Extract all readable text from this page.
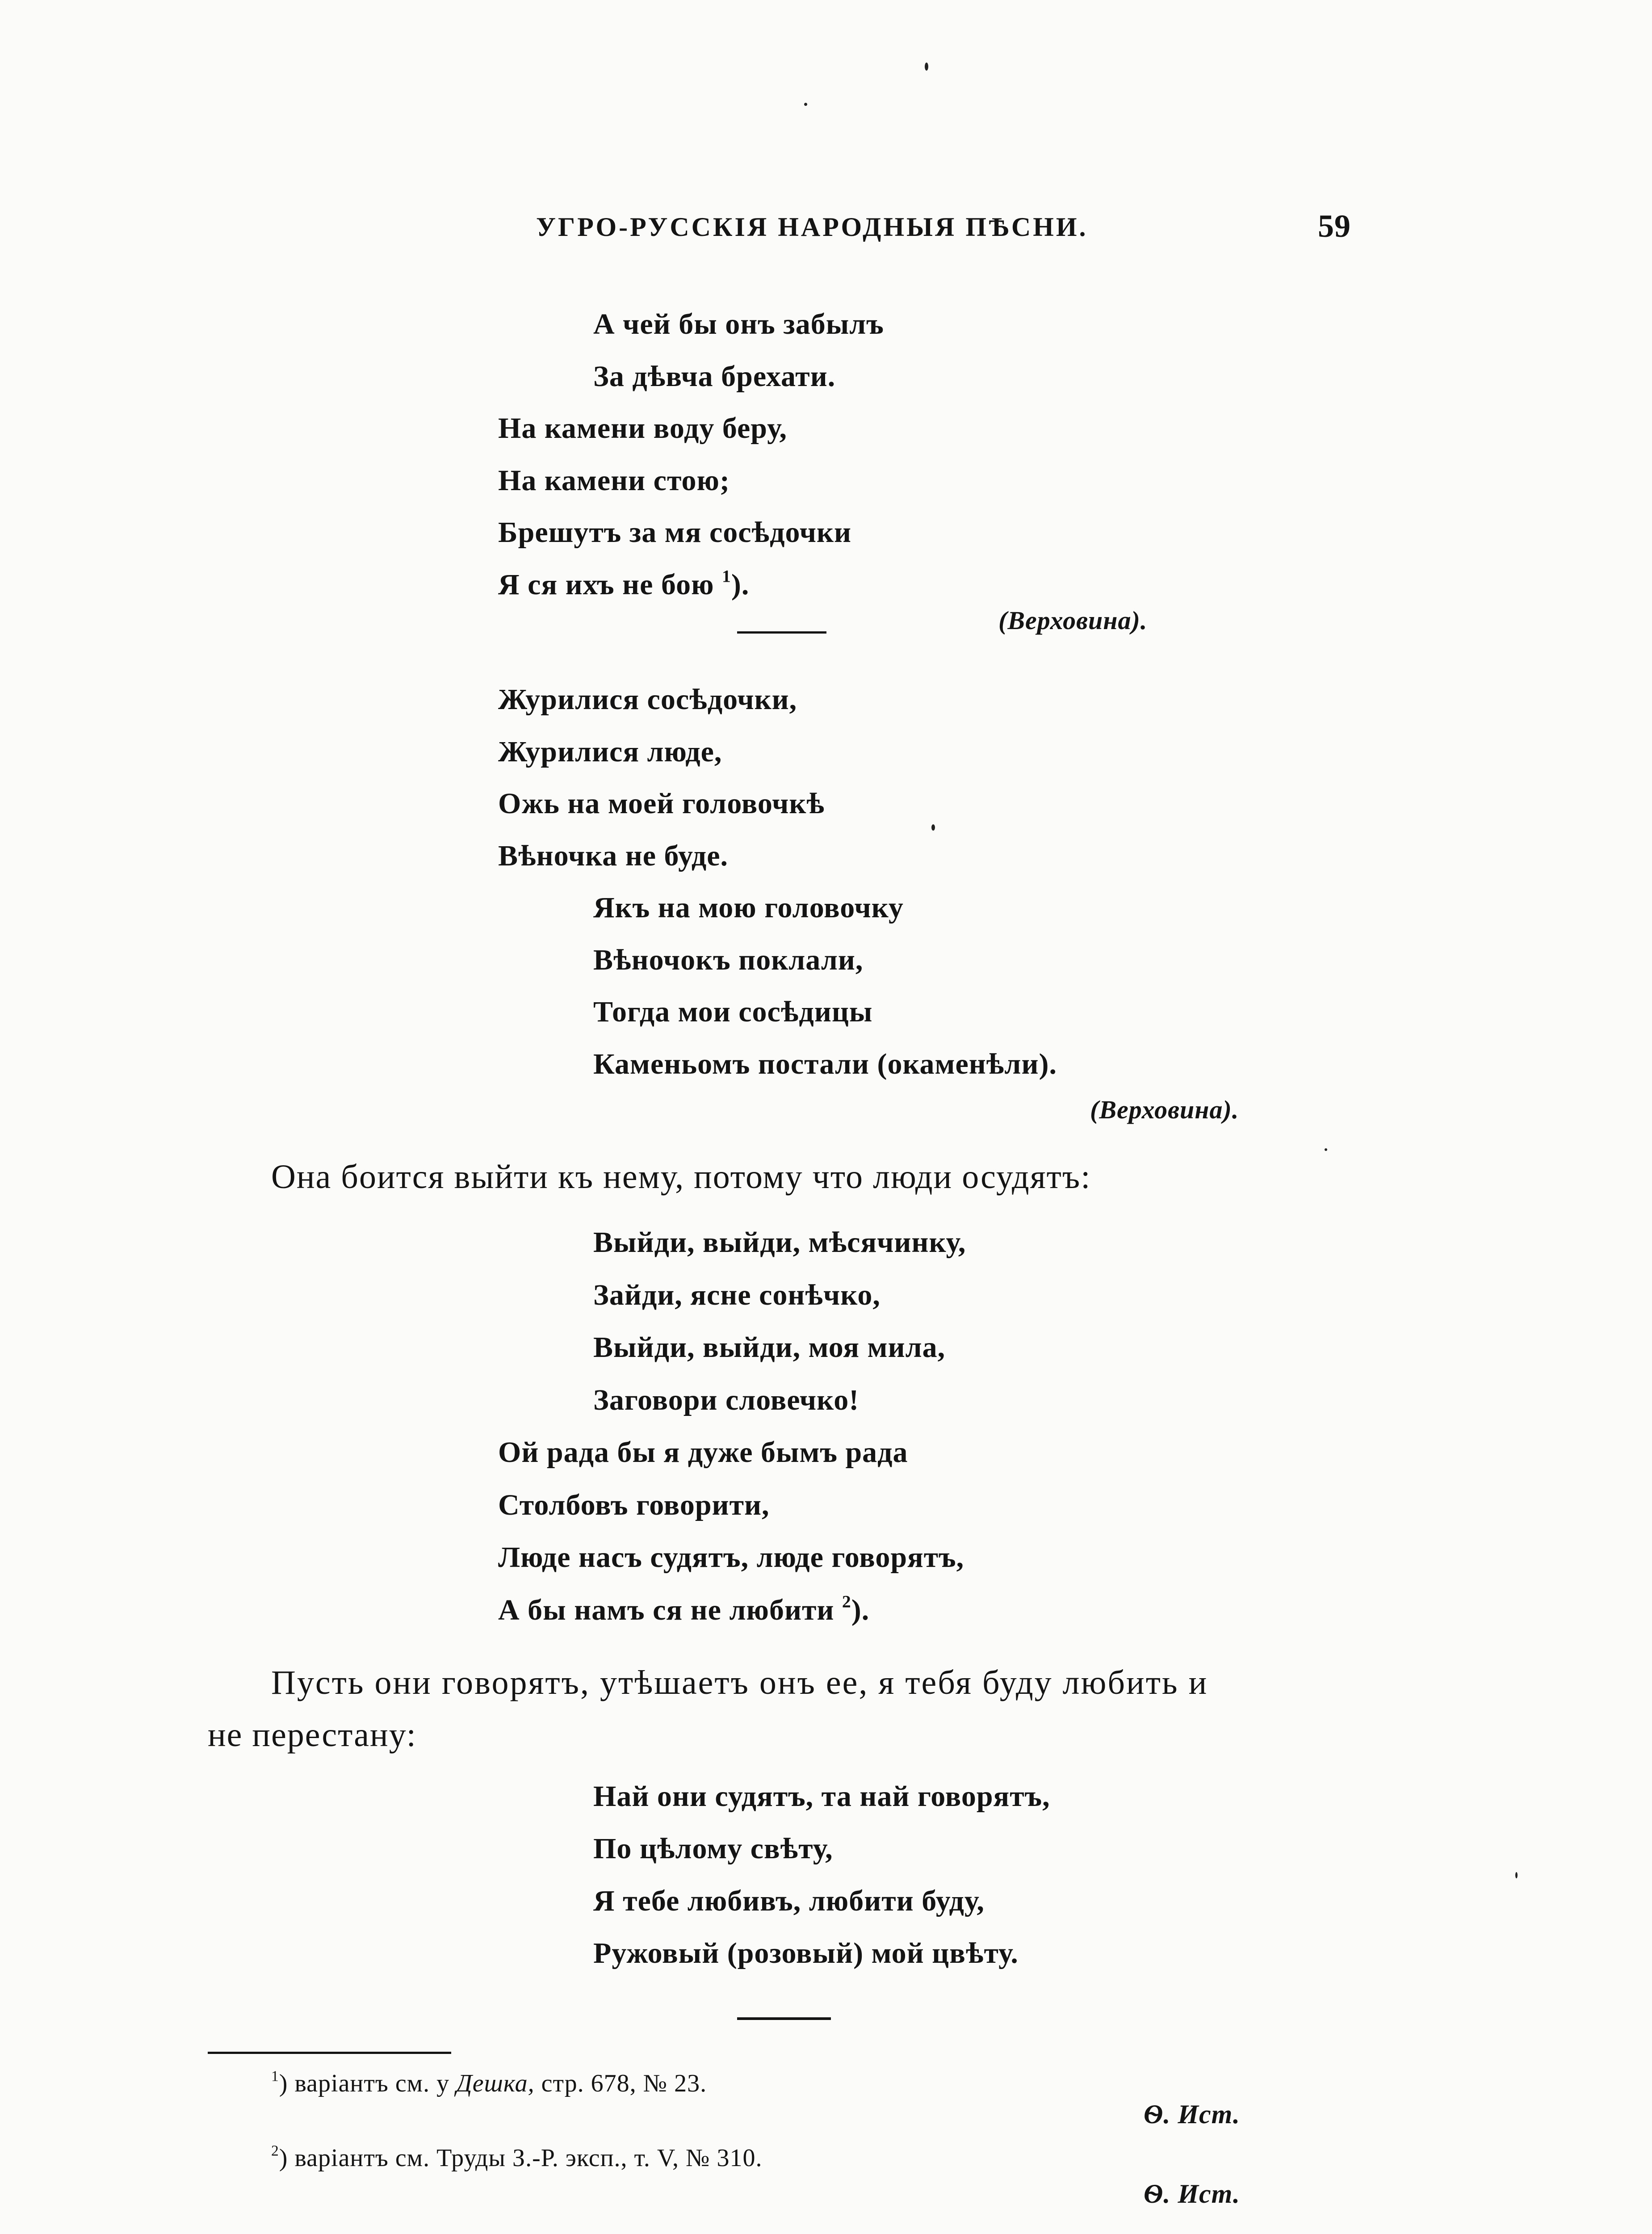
УГРО-РУССКІЯ НАРОДНЫЯ ПѢСНИ.	59
А чей бы онъ забылъ
За дѣвча брехати.
На камени воду беру,
На камени стою;
Брешутъ за мя сосѣдочки
Я ся ихъ не бою $^1$).
(Верховина).
Журилися сосѣдочки,
Журилися люде,
Ожь на моей головочкѣ
Вѣночка не буде.
Якъ на мою головочку
Вѣночокъ поклали,
Тогда мои сосѣдицы
Каменьомъ постали (окаменѣли).
(Верховина).
Она боится выйти къ нему, потому что люди осудятъ:
Выйди, выйди, мѣсячинку,
Зайди, ясне сонѣчко,
Выйди, выйди, моя мила,
Заговори словечко!
Ой рада бы я дуже бымъ рада
Столбовъ говорити,
Люде насъ судятъ, люде говорятъ,
А бы намъ ся не любити $^2$).
Пусть они говорятъ, утѣшаетъ онъ ее, я тебя буду любить и
не перестану:
Най они судятъ, та най говорятъ,
По цѣлому свѣту,
Я тебе любивъ, любити буду,
Ружовый (розовый) мой цвѣту.
$^1$) варіантъ см. у Дешка, стр. 678, № 23.
Ѳ. Ист.
$^2$) варіантъ см. Труды З.-Р. эксп., т. V, № 310.
Ѳ. Ист.
